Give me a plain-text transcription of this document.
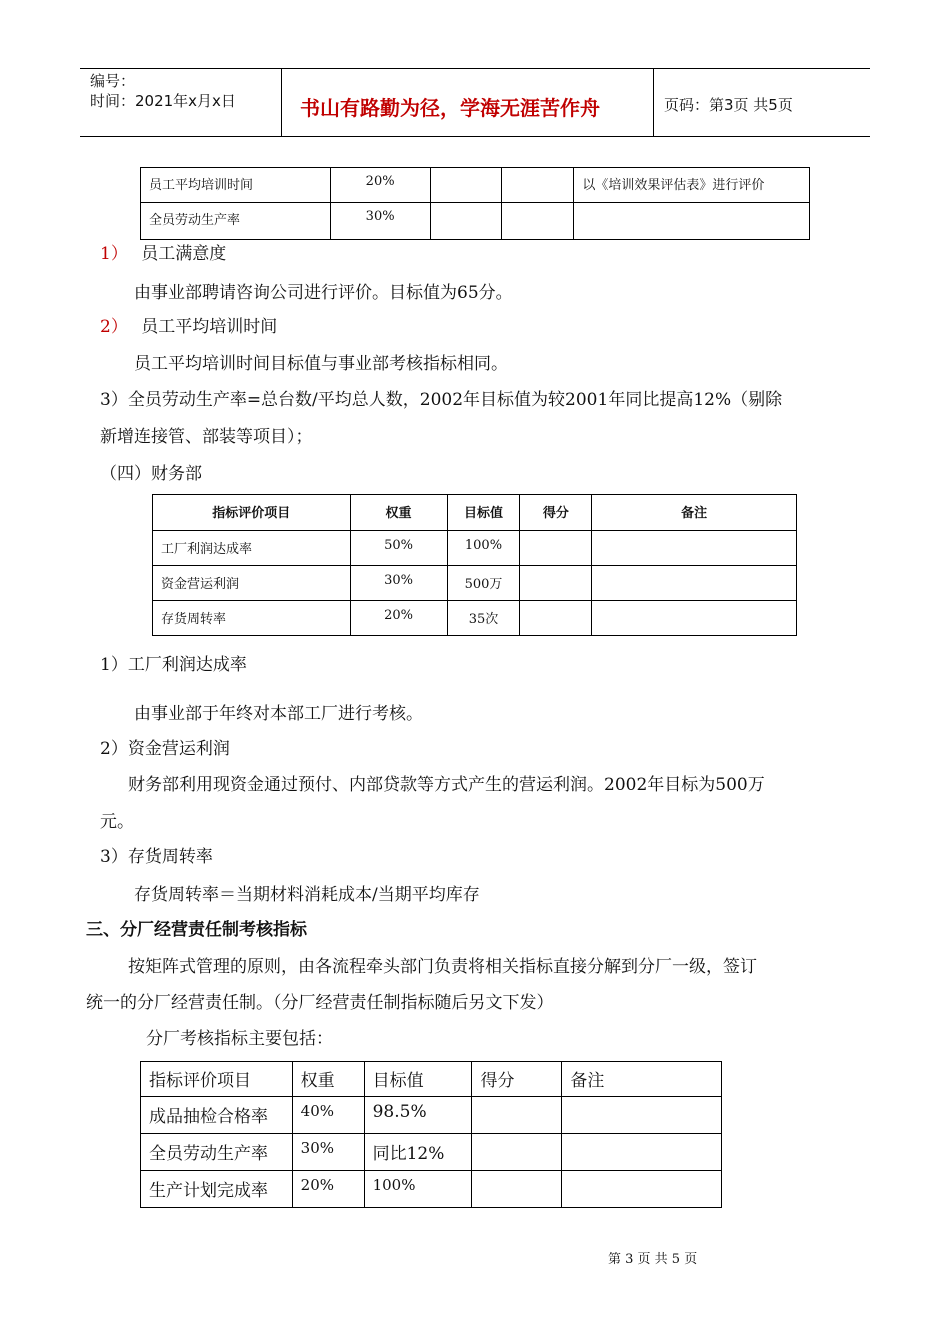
编号：
时间：2021年x月x日	书山有路勤为径，学海无涯苦作舟	页码：第3页 共5页
员工平均培训时间	20%			以《培训效果评估表》进行评价
全员劳动生产率	30%			
1） 员工满意度
由事业部聘请咨询公司进行评价。目标值为65分。
2） 员工平均培训时间
员工平均培训时间目标值与事业部考核指标相同。
3）全员劳动生产率=总台数/平均总人数，2002年目标值为较2001年同比提高12%（剔除
新增连接管、部装等项目）；
（四）财务部
指标评价项目	权重	目标值	得分	备注
工厂利润达成率	50%	100%		
资金营运利润	30%	500万		
存货周转率	20%	35次		
1）工厂利润达成率
由事业部于年终对本部工厂进行考核。
2）资金营运利润
财务部利用现资金通过预付、内部贷款等方式产生的营运利润。2002年目标为500万
元。
3）存货周转率
存货周转率＝当期材料消耗成本/当期平均库存
三、分厂经营责任制考核指标
按矩阵式管理的原则，由各流程牵头部门负责将相关指标直接分解到分厂一级，签订
统一的分厂经营责任制。（分厂经营责任制指标随后另文下发）
分厂考核指标主要包括：
指标评价项目	权重	目标值	得分	备注
成品抽检合格率	40%	98.5%		
全员劳动生产率	30%	同比12%		
生产计划完成率	20%	100%		
第 3 页 共 5 页
